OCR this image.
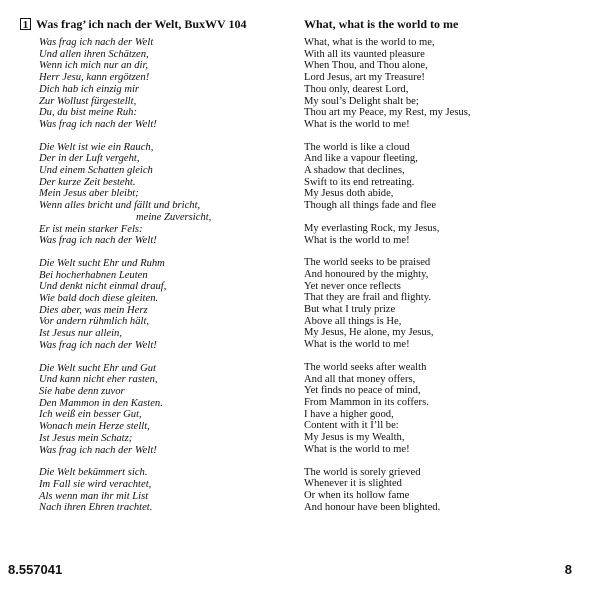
1 Was frag’ ich nach der Welt, BuxWV 104
Was frag ich nach der Welt
Und allen ihren Schätzen,
Wenn ich mich nur an dir,
Herr Jesu, kann ergötzen!
Dich hab ich einzig mir
Zur Wollust fürgestellt,
Du, du bist meine Ruh:
Was frag ich nach der Welt!
Die Welt ist wie ein Rauch,
Der in der Luft vergeht,
Und einem Schatten gleich
Der kurze Zeit besteht.
Mein Jesus aber bleibt;
Wenn alles bricht und fällt und bricht,
meine Zuversicht,
Er ist mein starker Fels:
Was frag ich nach der Welt!
Die Welt sucht Ehr und Ruhm
Bei hocherhabnen Leuten
Und denkt nicht einmal drauf,
Wie bald doch diese gleiten.
Dies aber, was mein Herz
Vor andern rühmlich hält,
Ist Jesus nur allein,
Was frag ich nach der Welt!
Die Welt sucht Ehr und Gut
Und kann nicht eher rasten,
Sie habe denn zuvor
Den Mammon in den Kasten.
Ich weiß ein besser Gut,
Wonach mein Herze stellt,
Ist Jesus mein Schatz;
Was frag ich nach der Welt!
Die Welt bekümmert sich.
Im Fall sie wird verachtet,
Als wenn man ihr mit List
Nach ihren Ehren trachtet.
What, what is the world to me
What, what is the world to me,
With all its vaunted pleasure
When Thou, and Thou alone,
Lord Jesus, art my Treasure!
Thou only, dearest Lord,
My soul’s Delight shalt be;
Thou art my Peace, my Rest, my Jesus,
What is the world to me!
The world is like a cloud
And like a vapour fleeting,
A shadow that declines,
Swift to its end retreating.
My Jesus doth abide,
Though all things fade and flee
My everlasting Rock, my Jesus,
What is the world to me!
The world seeks to be praised
And honoured by the mighty,
Yet never once reflects
That they are frail and flighty.
But what I truly prize
Above all things is He,
My Jesus, He alone, my Jesus,
What is the world to me!
The world seeks after wealth
And all that money offers,
Yet finds no peace of mind,
From Mammon in its coffers.
I have a higher good,
Content with it I’ll be:
My Jesus is my Wealth,
What is the world to me!
The world is sorely grieved
Whenever it is slighted
Or when its hollow fame
And honour have been blighted.
8.557041	8
